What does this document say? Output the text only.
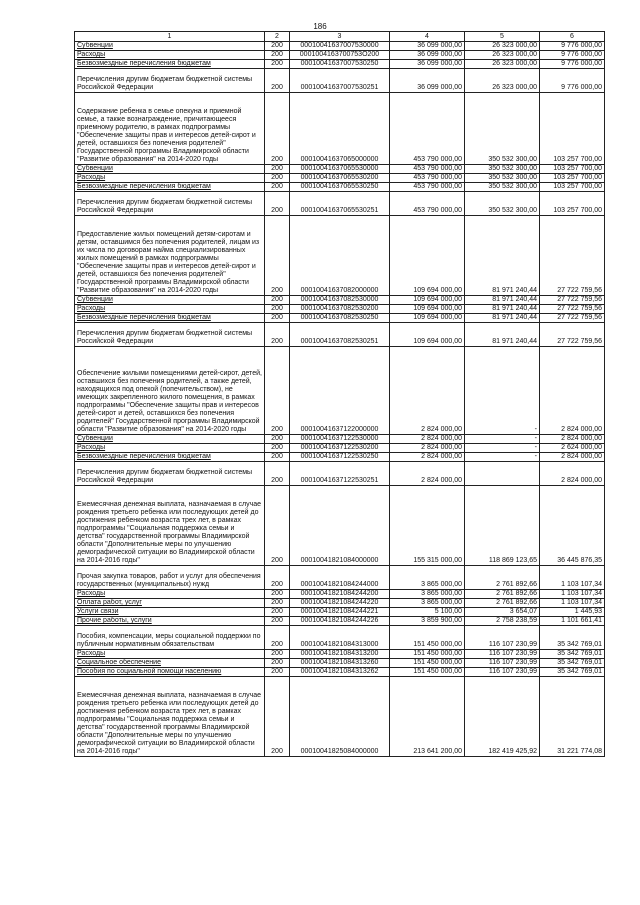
186
1	2	3	4	5	6
Субвенции	200	000100416370075З0000	36 099 000,00	26 323 000,00	9 776 000,00
Расходы	200	0001004163700753O200	36 099 000,00	26 323 000,00	9 776 000,00
Безвозмездные перечисления бюджетам	200	00010041637007530250	36 099 000,00	26 323 000,00	9 776 000,00
Перечисления другим бюджетам бюджетной системы Российской Федерации	200	00010041637007530251	36 099 000,00	26 323 000,00	9 776 000,00
Содержание ребенка в семье опекуна и приемной семье, а также вознаграждение, причитающееся приемному родителю, в рамках подпрограммы "Обеспечение защиты прав и интересов детей-сирот и детей, оставшихся без попечения родителей" Государственной программы Владимирской области "Развитие образования" на 2014-2020 годы	200	00010041637065000000	453 790 000,00	350 532 300,00	103 257 700,00
Субвенции	200	00010041637065530000	453 790 000,00	350 532 300,00	103 257 700,00
Расходы	200	00010041637065530200	453 790 000,00	350 532 300,00	103 257 700,00
Безвозмездные перечисления бюджетам	200	00010041637065530250	453 790 000,00	350 532 300,00	103 257 700,00
Перечисления другим бюджетам бюджетной системы Российской Федерации	200	00010041637065530251	453 790 000,00	350 532 300,00	103 257 700,00
Предоставление жилых помещений детям-сиротам и детям, оставшимся без попечения родителей, лицам из их числа по договорам найма специализированных жилых помещений в рамках подпрограммы "Обеспечение защиты прав и интересов детей-сирот и детей, оставшихся без попечения родителей" Государственной программы Владимирской области "Развитие образования" на 2014-2020 годы	200	00010041637082000000	109 694 000,00	81 971 240,44	27 722 759,56
Субвенции	200	00010041637082530000	109 694 000,00	81 971 240,44	27 722 759,56
Расходы	200	00010041637082530200	109 694 000,00	81 971 240,44	27 722 759,56
Безвозмездные перечисления бюджетам	200	00010041637082530250	109 694 000,00	81 971 240,44	27 722 759,56
Перечисления другим бюджетам бюджетной системы Российской Федерации	200	00010041637082530251	109 694 000,00	81 971 240,44	27 722 759,56
Обеспечение жилыми помещениями детей-сирот, детей, оставшихся без попечения родителей, а также детей, находящихся под опекой (попечительством), не имеющих закрепленного жилого помещения, в рамках подпрограммы "Обеспечение защиты прав и интересов детей-сирот и детей, оставшихся без попечения родителей" Государственной программы Владимирской области "Развитие образования" на 2014-2020 годы	200	00010041637122000000	2 824 000,00	-	2 824 000,00
Субвенции	200	00010041637122530000	2 824 000,00	-	2 824 000,00
Расходы	200	00010041637122530200	2 824 000,00	-	2 624 000,00
Безвозмездные перечисления бюджетам	200	00010041637122530250	2 824 000,00	-	2 824 000,00
Перечисления другим бюджетам бюджетной системы Российской Федерации	200	00010041637122530251	2 824 000,00		2 824 000,00
Ежемесячная денежная выплата, назначаемая в случае рождения третьего ребенка или последующих детей до достижения ребенком возраста трех лет, в рамках подпрограммы "Социальная поддержка семьи и детства" государственной программы Владимирской области "Дополнительные меры по улучшению демографической ситуации во Владимирской области на 2014-2016 годы"	200	00010041821084000000	155 315 000,00	118 869 123,65	36 445 876,35
Прочая закупка товаров, работ и услуг для обеспечения государственных (муниципальных) нужд	200	00010041821084244000	3 865 000,00	2 761 892,66	1 103 107,34
Расходы	200	00010041821084244200	3 865 000,00	2 761 892,66	1 103 107,34
Оплата работ, услуг	200	00010041821084244220	3 865 000,00	2 761 892,66	1 103 107,34
Услуги связи	200	00010041821084244221	5 100,00	3 654,07	1 445,93
Прочие работы, услуги	200	00010041821084244226	3 859 900,00	2 758 238,59	1 101 661,41
Пособия, компенсации, меры социальной поддержки по публичным нормативным обязательствам	200	00010041821084313000	151 450 000,00	116 107 230,99	35 342 769,01
Расходы	200	00010041821084313200	151 450 000,00	116 107 230,99	35 342 769,01
Социальное обеспечение	200	00010041821084313260	151 450 000,00	116 107 230,99	35 342 769,01
Пособия по социальной помощи населению	200	00010041821084313262	151 450 000,00	116 107 230,99	35 342 769,01
Ежемесячная денежная выплата, назначаемая в случае рождения третьего ребенка или последующих детей до достижения ребенком возраста трех лет, в рамках подпрограммы "Социальная поддержка семьи и детства" государственной программы Владимирской области "Дополнительные меры по улучшению демографической ситуации во Владимирской области на 2014-2016 годы"	200	00010041825084000000	213 641 200,00	182 419 425,92	31 221 774,08
